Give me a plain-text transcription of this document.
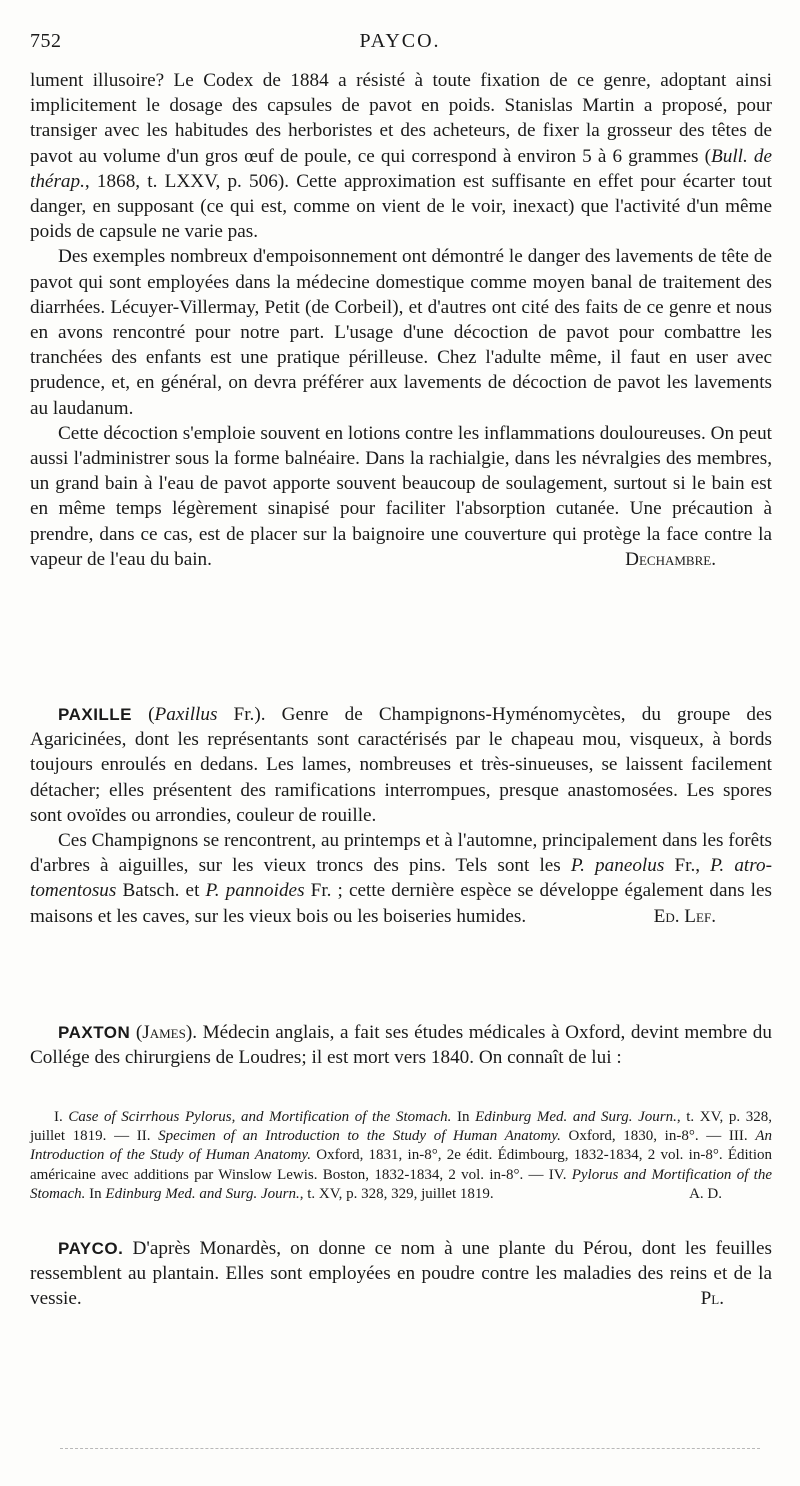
752	PAYCO.

lument illusoire? Le Codex de 1884 a résisté à toute fixation de ce genre, adoptant ainsi implicitement le dosage des capsules de pavot en poids. Stanislas Martin a proposé, pour transiger avec les habitudes des herboristes et des acheteurs, de fixer la grosseur des têtes de pavot au volume d'un gros œuf de poule, ce qui correspond à environ 5 à 6 grammes (Bull. de thérap., 1868, t. LXXV, p. 506). Cette approximation est suffisante en effet pour écarter tout danger, en supposant (ce qui est, comme on vient de le voir, inexact) que l'activité d'un même poids de capsule ne varie pas.

Des exemples nombreux d'empoisonnement ont démontré le danger des lavements de tête de pavot qui sont employées dans la médecine domestique comme moyen banal de traitement des diarrhées. Lécuyer-Villermay, Petit (de Corbeil), et d'autres ont cité des faits de ce genre et nous en avons rencontré pour notre part. L'usage d'une décoction de pavot pour combattre les tranchées des enfants est une pratique périlleuse. Chez l'adulte même, il faut en user avec prudence, et, en général, on devra préférer aux lavements de décoction de pavot les lavements au laudanum.

Cette décoction s'emploie souvent en lotions contre les inflammations douloureuses. On peut aussi l'administrer sous la forme balnéaire. Dans la rachialgie, dans les névralgies des membres, un grand bain à l'eau de pavot apporte souvent beaucoup de soulagement, surtout si le bain est en même temps légèrement sinapisé pour faciliter l'absorption cutanée. Une précaution à prendre, dans ce cas, est de placer sur la baignoire une couverture qui protège la face contre la vapeur de l'eau du bain.	Dechambre.

PAXILLE (Paxillus Fr.). Genre de Champignons-Hyménomycètes, du groupe des Agaricinées, dont les représentants sont caractérisés par le chapeau mou, visqueux, à bords toujours enroulés en dedans. Les lames, nombreuses et très-sinueuses, se laissent facilement détacher; elles présentent des ramifications interrompues, presque anastomosées. Les spores sont ovoïdes ou arrondies, couleur de rouille.

Ces Champignons se rencontrent, au printemps et à l'automne, principalement dans les forêts d'arbres à aiguilles, sur les vieux troncs des pins. Tels sont les P. paneolus Fr., P. atro-tomentosus Batsch. et P. pannoides Fr. ; cette dernière espèce se développe également dans les maisons et les caves, sur les vieux bois ou les boiseries humides.	Ed. Lef.

PAXTON (James). Médecin anglais, a fait ses études médicales à Oxford, devint membre du Collége des chirurgiens de Loudres; il est mort vers 1840. On connaît de lui :

I. Case of Scirrhous Pylorus, and Mortification of the Stomach. In Edinburg Med. and Surg. Journ., t. XV, p. 328, juillet 1819. — II. Specimen of an Introduction to the Study of Human Anatomy. Oxford, 1830, in-8°. — III. An Introduction of the Study of Human Anatomy. Oxford, 1831, in-8°, 2e édit. Édimbourg, 1832-1834, 2 vol. in-8°. Édition américaine avec additions par Winslow Lewis. Boston, 1832-1834, 2 vol. in-8°. — IV. Pylorus and Mortification of the Stomach. In Edinburg Med. and Surg. Journ., t. XV, p. 328, 329, juillet 1819.	A. D.

PAYCO. D'après Monardès, on donne ce nom à une plante du Pérou, dont les feuilles ressemblent au plantain. Elles sont employées en poudre contre les maladies des reins et de la vessie.	Pl.
